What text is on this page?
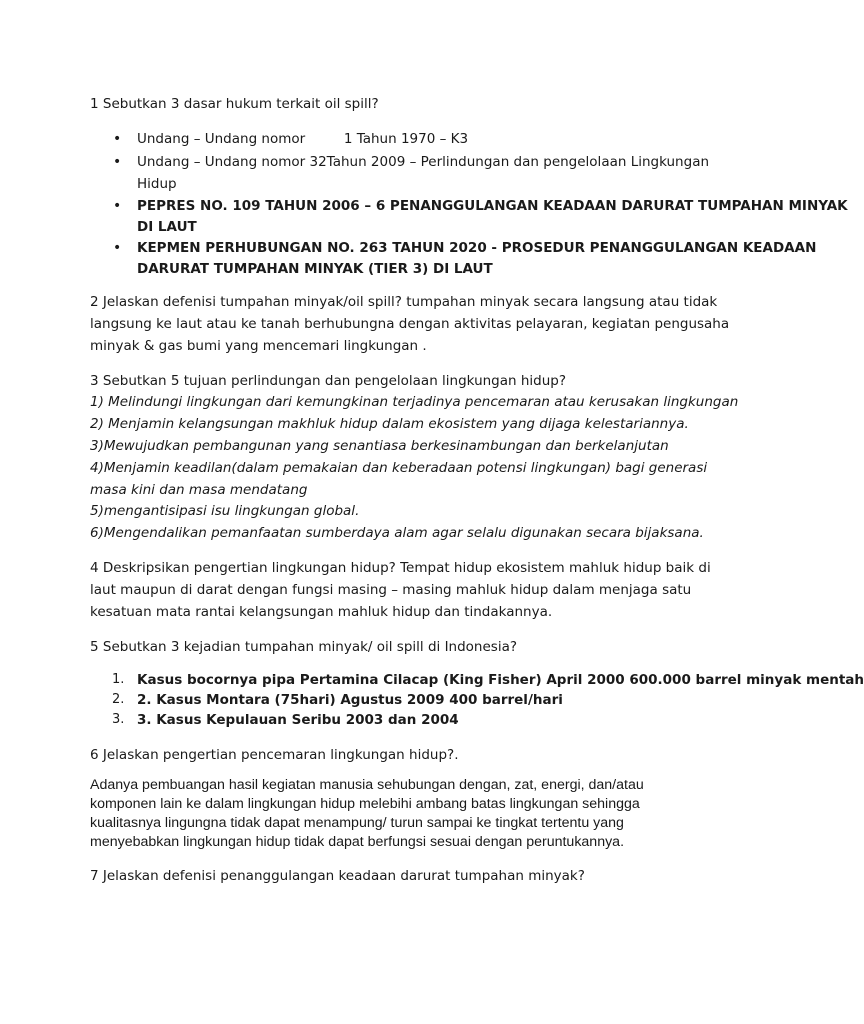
1 Sebutkan 3 dasar hukum terkait oil spill?
• Undang – Undang nomor         1 Tahun 1970 – K3
• Undang – Undang nomor 32Tahun 2009 – Perlindungan dan pengelolaan Lingkungan
Hidup
• PEPRES NO. 109 TAHUN 2006 – 6 PENANGGULANGAN KEADAAN DARURAT TUMPAHAN MINYAK
DI LAUT
• KEPMEN PERHUBUNGAN NO. 263 TAHUN 2020 - PROSEDUR PENANGGULANGAN KEADAAN
DARURAT TUMPAHAN MINYAK (TIER 3) DI LAUT
2 Jelaskan defenisi tumpahan minyak/oil spill? tumpahan minyak secara langsung atau tidak
langsung ke laut atau ke tanah berhubungna dengan aktivitas pelayaran, kegiatan pengusaha
minyak & gas bumi yang mencemari lingkungan .
3 Sebutkan 5 tujuan perlindungan dan pengelolaan lingkungan hidup?
1) Melindungi lingkungan dari kemungkinan terjadinya pencemaran atau kerusakan lingkungan
2) Menjamin kelangsungan makhluk hidup dalam ekosistem yang dijaga kelestariannya.
3)Mewujudkan pembangunan yang senantiasa berkesinambungan dan berkelanjutan
4)Menjamin keadilan(dalam pemakaian dan keberadaan potensi lingkungan) bagi generasi
masa kini dan masa mendatang
5)mengantisipasi isu lingkungan global.
6)Mengendalikan pemanfaatan sumberdaya alam agar selalu digunakan secara bijaksana.
4 Deskripsikan pengertian lingkungan hidup? Tempat hidup ekosistem mahluk hidup baik di
laut maupun di darat dengan fungsi masing – masing mahluk hidup dalam menjaga satu
kesatuan mata rantai kelangsungan mahluk hidup dan tindakannya.
5 Sebutkan 3 kejadian tumpahan minyak/ oil spill di Indonesia?
1. Kasus bocornya pipa Pertamina Cilacap (King Fisher) April 2000 600.000 barrel minyak mentah
2. 2. Kasus Montara (75hari) Agustus 2009 400 barrel/hari
3. 3. Kasus Kepulauan Seribu 2003 dan 2004
6 Jelaskan pengertian pencemaran lingkungan hidup?.
Adanya pembuangan hasil kegiatan manusia sehubungan dengan, zat, energi, dan/atau
komponen lain ke dalam lingkungan hidup melebihi ambang batas lingkungan sehingga
kualitasnya lingungna tidak dapat menampung/ turun sampai ke tingkat tertentu yang
menyebabkan lingkungan hidup tidak dapat berfungsi sesuai dengan peruntukannya.
7 Jelaskan defenisi penanggulangan keadaan darurat tumpahan minyak?
